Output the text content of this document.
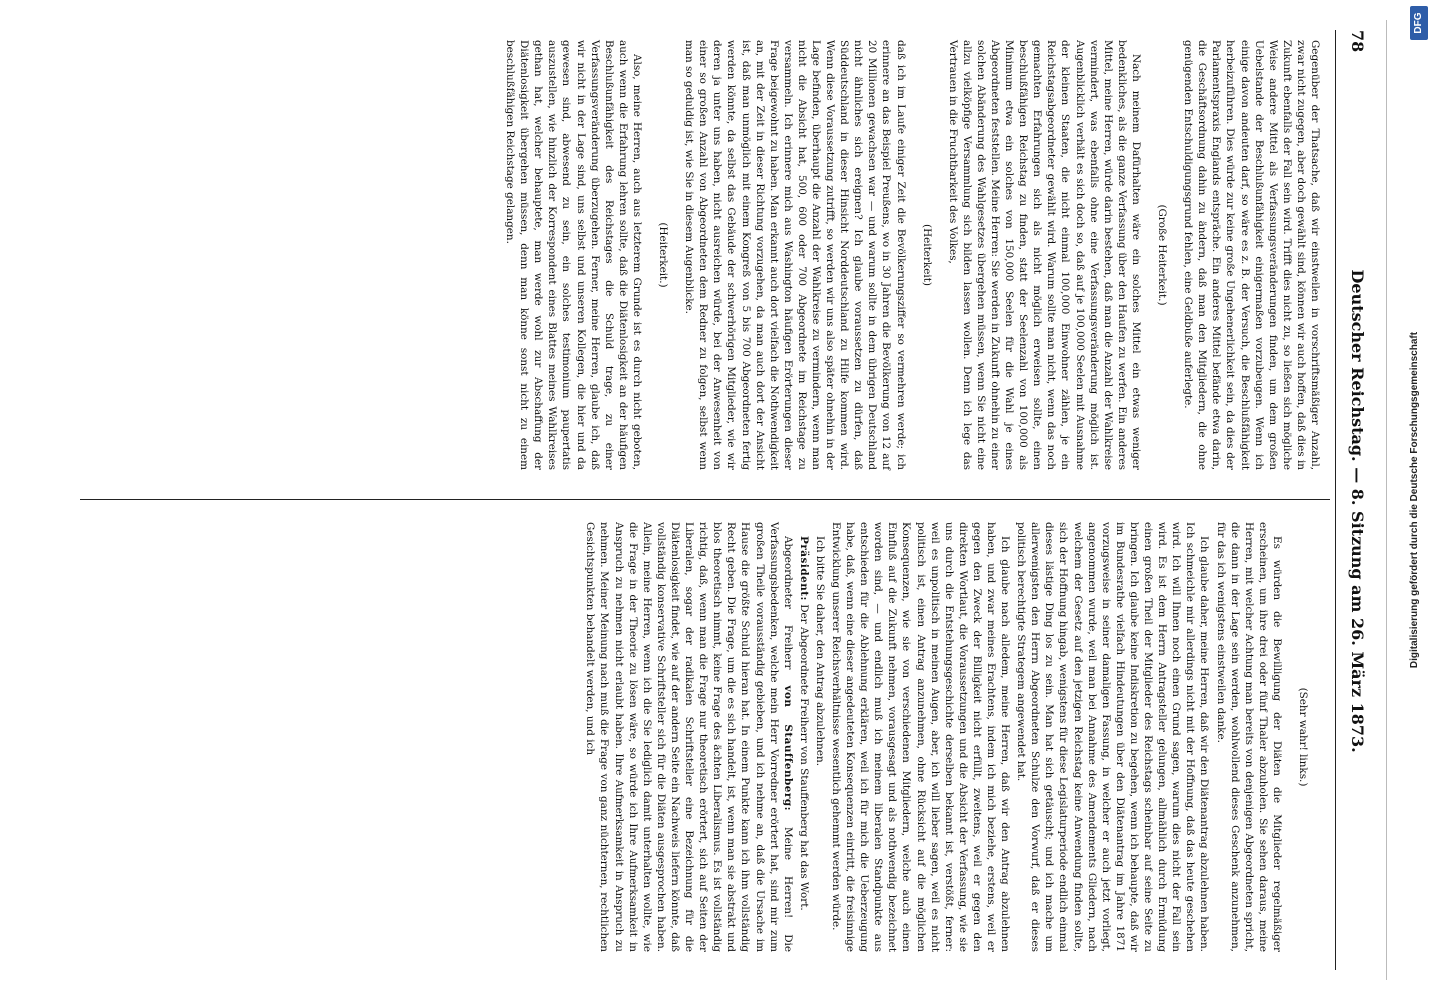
78
Deutscher Reichstag. — 8. Sitzung am 26. März 1873.

Gegenüber der Thatsache, daß wir einstweilen in vorschriftsmäßiger Anzahl, zwar nicht zugegen, aber doch gewählt sind, können wir auch hoffen, daß dies in Zukunft ebenfalls der Fall sein wird. Trifft dies nicht zu, so ließen sich mögliche Weise andere Mittel als Verfassungsveränderungen finden, um dem großen Uebelstande der Beschlußunfähigkeit einigermaßen vorzubeugen. Wenn ich einige davon andeuten darf, so wäre es z. B. der Versuch, die Beschlußfähigkeit herbeizuführen. Dies würde zur keine große Ungehenerlichkeit sein, da dies der Parlamentspraxis Englands entspräche. Ein anderes Mittel befände etwa darin, die Geschäftsordnung dahin zu ändern, daß man den Mitgliedern, die ohne genügenden Entschuldigungsgrund fehlen, eine Geldbuße auferlegte.

(Große Heiterkeit.)

Nach meinem Dafürhalten wäre ein solches Mittel ein etwas weniger bedenkliches, als die ganze Verfassung über den Haufen zu werfen. Ein anderes Mittel, meine Herren, würde darin bestehen, daß man die Anzahl der Wahlkreise vermindert, was ebenfalls ohne eine Verfassungsveränderung möglich ist. Augenblicklich verhält es sich doch so, daß auf je 100,000 Seelen mit Ausnahme der kleinen Staaten, die nicht einmal 100,000 Einwohner zählen, je ein Reichstagsabgeordneter gewählt wird. Warum sollte man nicht, wenn das noch gemachten Erfahrungen sich als nicht möglich erweisen sollte, einen beschlußfähigen Reichstag zu finden, statt der Seelenzahl von 100,000 als Minimum etwa ein solches von 150,000 Seelen für die Wahl je eines Abgeordneten feststellen. Meine Herren: Sie werden in Zukunft ohnehin zu einer solchen Abänderung des Wahlgesetzes übergehen müssen, wenn Sie nicht eine allzu vielköpfige Versammlung sich bilden lassen wollen. Denn ich lege das Vertrauen in die Fruchtbarkeit des Volkes,

(Heiterkeit)

daß ich im Laufe einiger Zeit die Bevölkerungsziffer so vermehren werde; ich erinnere an das Beispiel Preußens, wo in 30 Jahren die Bevölkerung von 12 auf 20 Millionen gewachsen war — und warum sollte in dem übrigen Deutschland nicht ähnliches sich ereignen? Ich glaube voraussetzen zu dürfen, daß Süddeutschland in dieser Hinsicht Norddeutschland zu Hilfe kommen wird. Wenn diese Voraussetzung zutrifft, so werden wir uns also später ohnehin in der Lage befinden, überhaupt die Anzahl der Wahlkreise zu vermindern, wenn man nicht die Absicht hat, 500, 600 oder 700 Abgeordnete im Reichstage zu versammeln. Ich erinnere mich aus Washington häufigen Erörterungen dieser Frage beigewohnt zu haben. Man erkannt auch dort vielfach die Nothwendigkeit an, mit der Zeit in dieser Richtung vorzugehen, da man auch dort der Ansicht ist, daß man unmöglich mit einem Kongreß von 5 bis 700 Abgeordneten fertig werden könnte, da selbst das Gebäude der schwerhörigen Mitglieder, wie wir deren ja unter uns haben, nicht ausreichen würde, bei der Anwesenheit von einer so großen Anzahl von Abgeordneten dem Redner zu folgen, selbst wenn man so geduldig ist, wie Sie in diesem Augenblicke.

(Heiterkeit.)

Also, meine Herren, auch aus letzterem Grunde ist es durch nicht geboten, auch wenn die Erfahrung lehren sollte, daß die Diätenlosigkeit an der häufigen Beschlußunfähigkeit des Reichstages die Schuld trage, zu einer Verfassungsveränderung überzugehen. Ferner, meine Herren, glaube ich, daß wir nicht in der Lage sind, uns selbst und unseren Kollegen, die hier und da gewesen sind, abwesend zu sein, ein solches testimonium paupertatis auszustellen, wie hinzlich der Korrespondent eines Blattes meines Wahlkreises gethan hat, welcher behauptete, man werde wohl zur Abschaffung der Diätenlosigkeit übergehen müssen, denn man könne sonst nicht zu einem beschlußfähigen Reichstage gelangen.

(Sehr wahr! links.)

Es würden die Bewilligung der Diäten die Mitglieder regelmäßiger erscheinen, um ihre drei oder fünf Thaler abzuholen. Sie sehen daraus, meine Herren, mit welcher Achtung man bereits von denjenigen Abgeordneten spricht, die dann in der Lage sein werden, wohlwollend dieses Geschenk anzunehmen, für das ich wenigstens einstweilen danke.

Ich glaube daher, meine Herren, daß wir den Diätenantrag abzulehnen haben. Ich schmeichle mir allerdings nicht mit der Hoffnung, daß das heute geschehen wird. Ich will Ihnen noch einen Grund sagen, warum dies nicht der Fall sein wird. Es ist dem Herrn Antragsteller gelungen, allmählich durch Ermüdung einen großen Theil der Mitglieder des Reichstags scheinbar auf seine Seite zu bringen. Ich glaube keine Indiskretion zu begehen, wenn ich behaupte, daß wir im Bundesrathe vielfach Hindeutungen über den Diätenantrag im Jahre 1871 vorzugsweise in seiner damaligen Fassung, in welcher er auch jetzt vorliegt, angenommen wurde, weil man bei Annahme des Amendements Gliedern, nach welchem der Gesetz auf den jetzigen Reichstag keine Anwendung finden sollte, sich der Hoffnung hingab, wenigstens für diese Legislaturperiode endlich einmal dieses lästige Ding los zu sein. Man hat sich getäuscht; und ich mache um allerwenigsten den Herrn Abgeordneten Schulze den Vorwurf, daß er dieses politisch berechtigte Strategem angewendet hat.

Ich glaube nach alledem, meine Herren, daß wir den Antrag abzulehnen haben, und zwar meines Erachtens, indem ich mich beziehe, erstens, weil er gegen den Zweck der Billigkeit nicht erfüllt, zweitens, weil er gegen den direkten Wortlaut, die Voraussetzungen und die Absicht der Verfassung, wie sie uns durch die Entstehungsgeschichte derselben bekannt ist, verstößt, ferner: weil es unpolitisch in meinen Augen, aber, ich will lieber sagen, weil es nicht politisch ist, einen Antrag anzunehmen, ohne Rücksicht auf die möglichen Konsequenzen, wie sie von verschiedenen Mitgliedern, welche auch einen Einfluß auf die Zukunft nehmen, vorausgesagt und als nothwendig bezeichnet worden sind, — und endlich muß ich meinem liberalen Standpunkte aus entschieden für die Ablehnung erklären, weil ich für mich die Ueberzeugung habe, daß, wenn eine dieser angedeuteten Konsequenzen eintritt, die freisinnige Entwicklung unserer Reichsverhältnisse wesentlich gehemmt werden würde.

Ich bitte Sie daher, den Antrag abzulehnen.

Präsident: Der Abgeordnete Freiherr von Stauffenberg hat das Wort.

Abgeordneter Freiherr von Stauffenberg: Meine Herren! Die Verfassungsbedenken, welche mein Herr Vorredner erörtert hat, sind mir zum großen Theile vorausständig gebieben, und ich nehme an, daß die Ursache im Hause die größte Schuld hieran hat. In einem Punkte kann ich ihm vollständig Recht geben. Die Frage, um die es sich handelt, ist, wenn man sie abstrakt und blos theoretisch nimmt, keine Frage des ächten Liberalismus. Es ist vollständig richtig, daß, wenn man die Frage nur theoretisch erörtert, sich auf Seiten der Liberalen, sogar der radikalen Schriftsteller eine Bezeichnung für die Diätenlosigkeit findet, wie auf der andern Seite ein Nachweis liefern könnte, daß vollständig konservative Schriftsteller sich für die Diäten ausgesprochen haben. Allein, meine Herren, wenn ich die Sie lediglich damit unterhalten wollte, wie die Frage in der Theorie zu lösen wäre, so würde ich Ihre Aufmerksamkeit in Anspruch zu nehmen nicht erlaubt haben. Ihre Aufmerksamkeit in Anspruch zu nehmen. Meiner Meinung nach muß die Frage von ganz nüchternen, rechtlichen Gesichtspunkten behandelt werden, und ich

DFG
Digitalisierung gefördert durch die Deutsche Forschungsgemeinschaft
